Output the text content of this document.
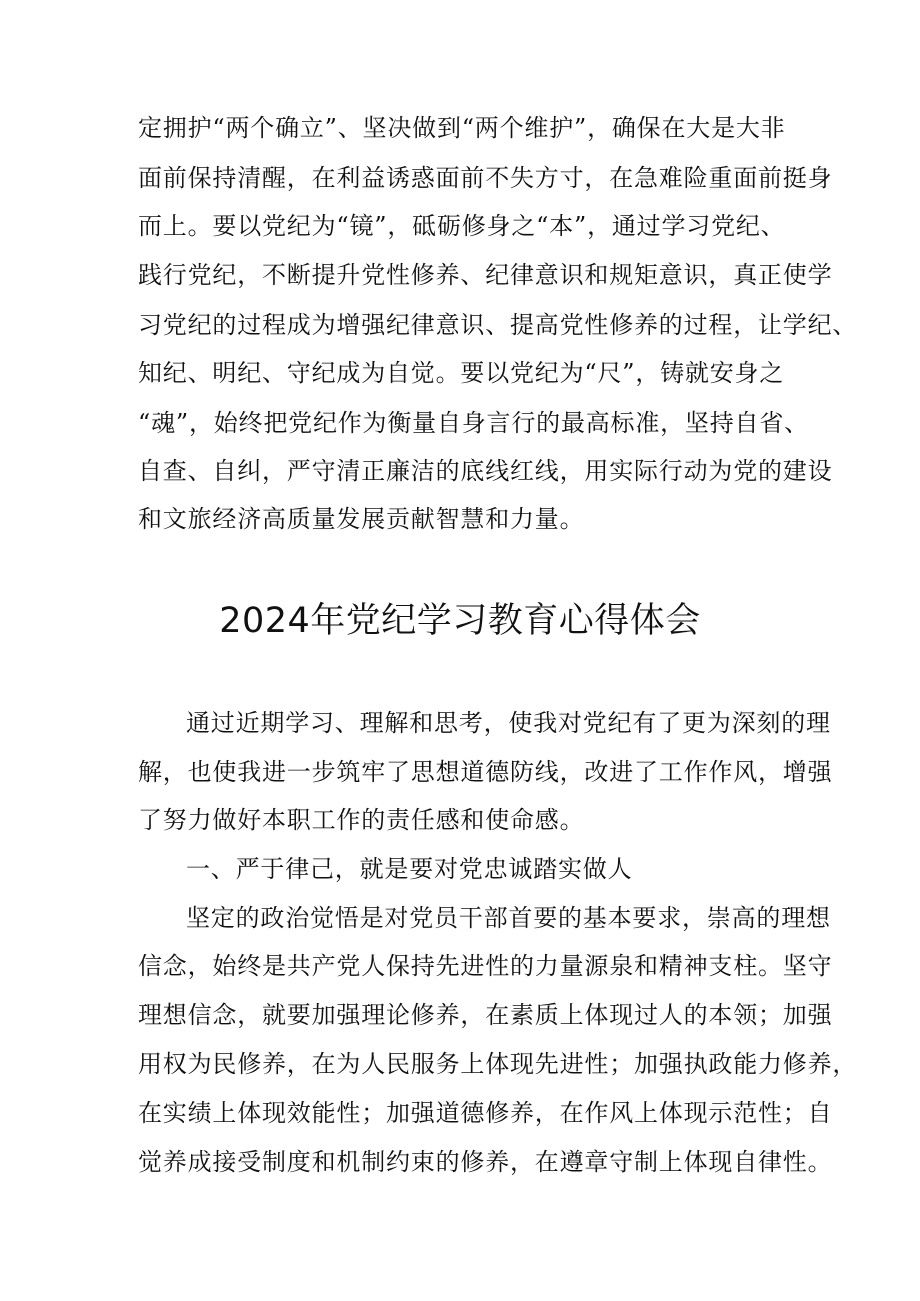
定拥护“两个确立”、坚决做到“两个维护”，确保在大是大非
面前保持清醒，在利益诱惑面前不失方寸，在急难险重面前挺身
而上。要以党纪为“镜”，砥砺修身之“本”，通过学习党纪、
践行党纪，不断提升党性修养、纪律意识和规矩意识，真正使学
习党纪的过程成为增强纪律意识、提高党性修养的过程，让学纪、
知纪、明纪、守纪成为自觉。要以党纪为“尺”，铸就安身之
“魂”，始终把党纪作为衡量自身言行的最高标准，坚持自省、
自查、自纠，严守清正廉洁的底线红线，用实际行动为党的建设
和文旅经济高质量发展贡献智慧和力量。
2024年党纪学习教育心得体会
通过近期学习、理解和思考，使我对党纪有了更为深刻的理
解，也使我进一步筑牢了思想道德防线，改进了工作作风，增强
了努力做好本职工作的责任感和使命感。
一、严于律己，就是要对党忠诚踏实做人
坚定的政治觉悟是对党员干部首要的基本要求，崇高的理想
信念，始终是共产党人保持先进性的力量源泉和精神支柱。坚守
理想信念，就要加强理论修养，在素质上体现过人的本领；加强
用权为民修养，在为人民服务上体现先进性；加强执政能力修养，
在实绩上体现效能性；加强道德修养，在作风上体现示范性；自
觉养成接受制度和机制约束的修养，在遵章守制上体现自律性。
